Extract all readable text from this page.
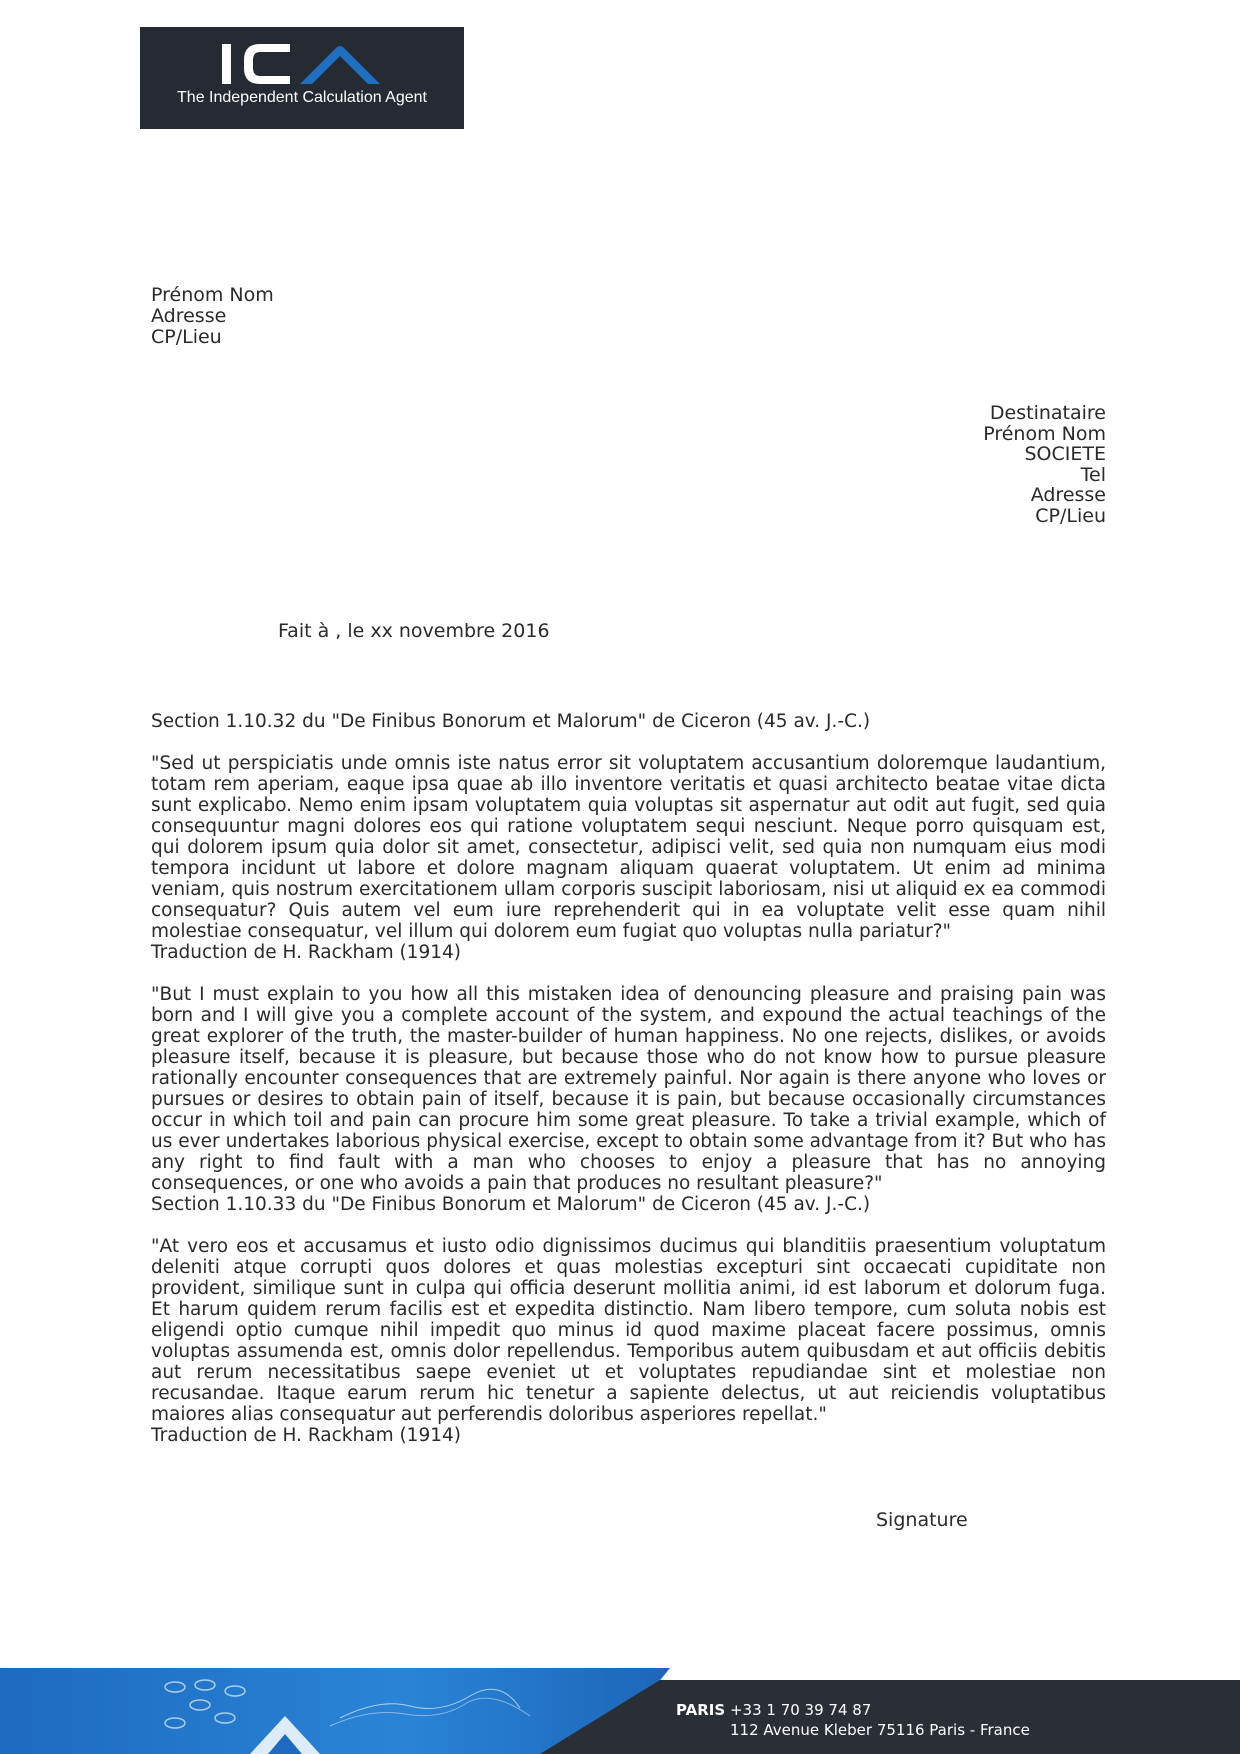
The Independent Calculation Agent
Prénom Nom
Adresse
CP/Lieu
Destinataire
Prénom Nom
SOCIETE
Tel
Adresse
CP/Lieu
Fait à , le xx novembre 2016

Section 1.10.32 du "De Finibus Bonorum et Malorum" de Ciceron (45 av. J.-C.)

"Sed ut perspiciatis unde omnis iste natus error sit voluptatem accusantium doloremque laudantium, totam rem aperiam, eaque ipsa quae ab illo inventore veritatis et quasi architecto beatae vitae dicta sunt explicabo. Nemo enim ipsam voluptatem quia voluptas sit aspernatur aut odit aut fugit, sed quia consequuntur magni dolores eos qui ratione voluptatem sequi nesciunt. Neque porro quisquam est, qui dolorem ipsum quia dolor sit amet, consectetur, adipisci velit, sed quia non numquam eius modi tempora incidunt ut labore et dolore magnam aliquam quaerat voluptatem. Ut enim ad minima veniam, quis nostrum exercitationem ullam corporis suscipit laboriosam, nisi ut aliquid ex ea commodi consequatur? Quis autem vel eum iure reprehenderit qui in ea voluptate velit esse quam nihil molestiae consequatur, vel illum qui dolorem eum fugiat quo voluptas nulla pariatur?"

Traduction de H. Rackham (1914)

"But I must explain to you how all this mistaken idea of denouncing pleasure and praising pain was born and I will give you a complete account of the system, and expound the actual teachings of the great explorer of the truth, the master-builder of human happiness. No one rejects, dislikes, or avoids pleasure itself, because it is pleasure, but because those who do not know how to pursue pleasure rationally encounter consequences that are extremely painful. Nor again is there anyone who loves or pursues or desires to obtain pain of itself, because it is pain, but because occasionally circumstances occur in which toil and pain can procure him some great pleasure. To take a trivial example, which of us ever undertakes laborious physical exercise, except to obtain some advantage from it? But who has any right to find fault with a man who chooses to enjoy a pleasure that has no annoying consequences, or one who avoids a pain that produces no resultant pleasure?"

Section 1.10.33 du "De Finibus Bonorum et Malorum" de Ciceron (45 av. J.-C.)

"At vero eos et accusamus et iusto odio dignissimos ducimus qui blanditiis praesentium voluptatum deleniti atque corrupti quos dolores et quas molestias excepturi sint occaecati cupiditate non provident, similique sunt in culpa qui officia deserunt mollitia animi, id est laborum et dolorum fuga. Et harum quidem rerum facilis est et expedita distinctio. Nam libero tempore, cum soluta nobis est eligendi optio cumque nihil impedit quo minus id quod maxime placeat facere possimus, omnis voluptas assumenda est, omnis dolor repellendus. Temporibus autem quibusdam et aut officiis debitis aut rerum necessitatibus saepe eveniet ut et voluptates repudiandae sint et molestiae non recusandae. Itaque earum rerum hic tenetur a sapiente delectus, ut aut reiciendis voluptatibus maiores alias consequatur aut perferendis doloribus asperiores repellat."

Traduction de H. Rackham (1914)

Signature
PARIS +33 1 70 39 74 87
112 Avenue Kleber 75116 Paris - France
